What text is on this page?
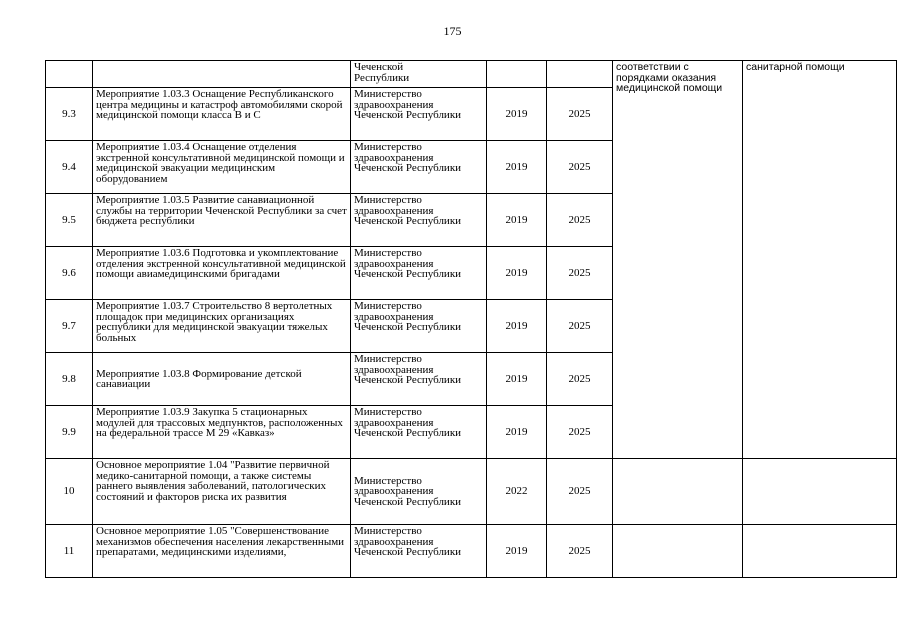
175
		Чеченской
Республики			соответствии с порядками оказания медицинской помощи	санитарной помощи
9.3	Мероприятие 1.03.3 Оснащение Республиканского центра медицины и катастроф автомобилями скорой медицинской помощи класса В и С	Министерство здравоохранения Чеченской Республики	2019	2025		
9.4	Мероприятие 1.03.4 Оснащение отделения экстренной консультативной медицинской помощи и медицинской эвакуации медицинским оборудованием	Министерство здравоохранения Чеченской Республики	2019	2025		
9.5	Мероприятие 1.03.5 Развитие санавиационной службы на территории Чеченской Республики за счет бюджета республики	Министерство здравоохранения Чеченской Республики	2019	2025		
9.6	Мероприятие 1.03.6 Подготовка и укомплектование отделения экстренной консультативной медицинской помощи авиамедицинскими бригадами	Министерство здравоохранения Чеченской Республики	2019	2025		
9.7	Мероприятие 1.03.7 Строительство 8 вертолетных площадок при медицинских организациях республики для медицинской эвакуации тяжелых больных	Министерство здравоохранения Чеченской Республики	2019	2025		
9.8	Мероприятие 1.03.8 Формирование детской санавиации	Министерство здравоохранения Чеченской Республики	2019	2025		
9.9	Мероприятие 1.03.9 Закупка 5 стационарных модулей для трассовых медпунктов, расположенных на федеральной трассе М 29 «Кавказ»	Министерство здравоохранения Чеченской Республики	2019	2025		
10	Основное мероприятие 1.04 "Развитие первичной медико-санитарной помощи, а также системы раннего выявления заболеваний, патологических состояний и факторов риска их развития	Министерство здравоохранения Чеченской Республики	2022	2025		
11	Основное мероприятие 1.05 "Совершенствование механизмов обеспечения населения лекарственными препаратами, медицинскими изделиями,	Министерство здравоохранения Чеченской Республики	2019	2025		
